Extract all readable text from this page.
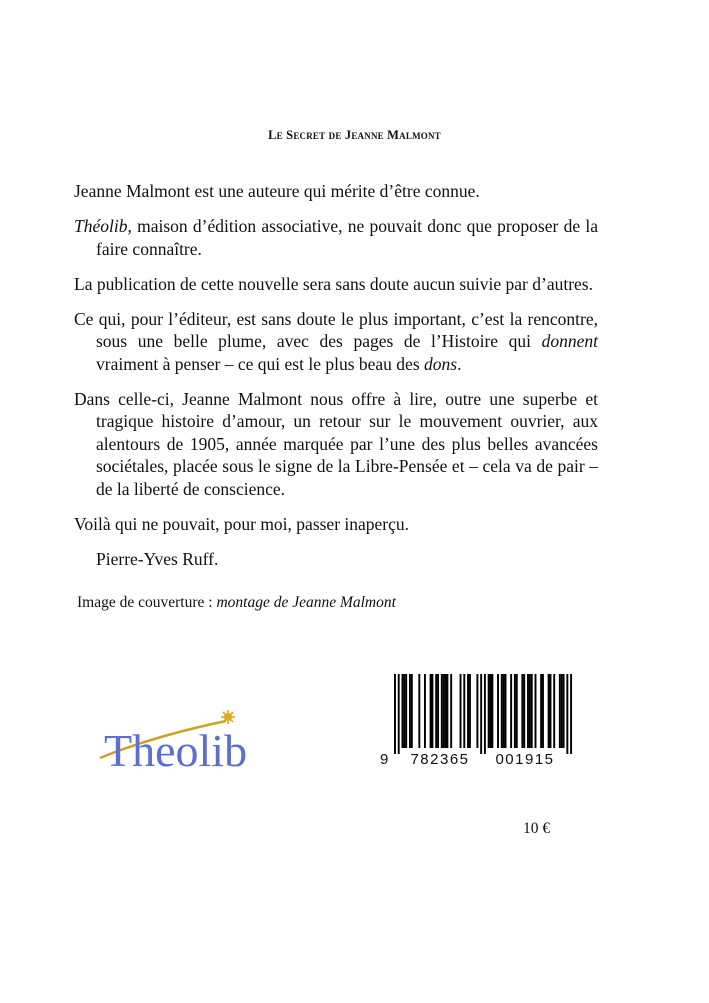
Le Secret de Jeanne Malmont

Jeanne Malmont est une auteure qui mérite d’être connue.

Théolib, maison d’édition associative, ne pouvait donc que proposer de la faire connaître.

La publication de cette nouvelle sera sans doute aucun suivie par d’autres.

Ce qui, pour l’éditeur, est sans doute le plus important, c’est la rencontre, sous une belle plume, avec des pages de l’Histoire qui donnent vraiment à penser – ce qui est le plus beau des dons.

Dans celle-ci, Jeanne Malmont nous offre à lire, outre une superbe et tragique histoire d’amour, un retour sur le mouvement ouvrier, aux alentours de 1905, année marquée par l’une des plus belles avancées sociétales, placée sous le signe de la Libre-Pensée et – cela va de pair – de la liberté de conscience.

Voilà qui ne pouvait, pour moi, passer inaperçu.

Pierre-Yves Ruff.

Image de couverture : montage de Jeanne Malmont
Theolib	9 782365 001915
10 €
